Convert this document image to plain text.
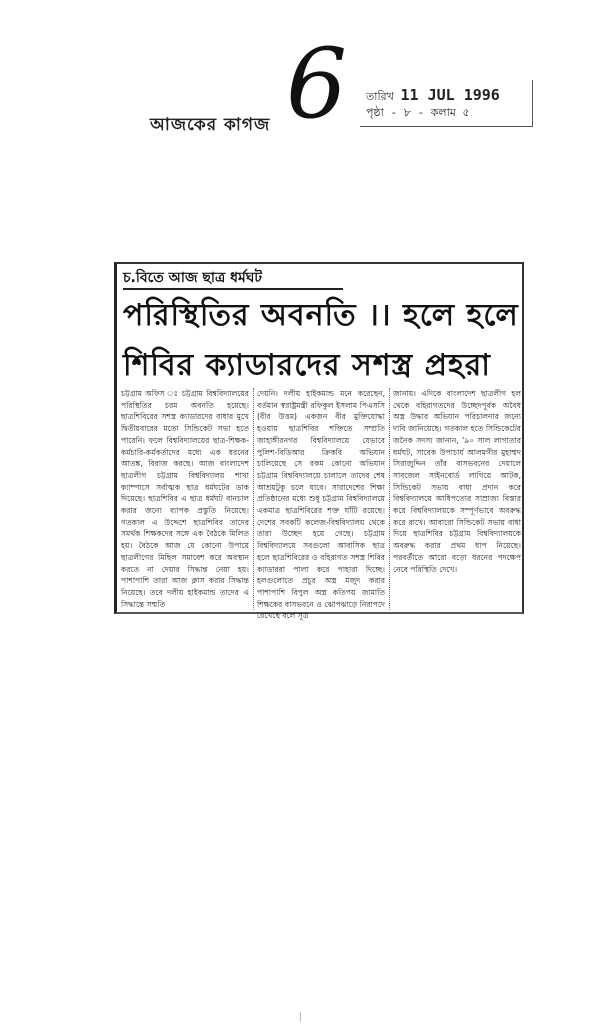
আজকের কাগজ 6 তারিখ 11 JUL 1996
পৃষ্ঠা - ৮ - কলাম ৫
চ.বিতে আজ ছাত্র ধর্মঘট
পরিস্থিতির অবনতি ।। হলে হলে
শিবির ক্যাডারদের সশস্ত্র প্রহরা
চট্টগ্রাম অফিস ঃ চট্টগ্রাম বিশ্ববিদ্যালয়ের পরিস্থিতির চরম অবনতি হয়েছে। ছাত্রশিবিরের সশস্ত্র ক্যাডারদের বাধার মুখে দ্বিতীয়বারের মতো সিন্ডিকেট সভা হতে পারেনি। ফলে বিশ্ববিদ্যালয়ের ছাত্র-শিক্ষক-কর্মচারি-কর্মকর্তাদের মধ্যে এক ধরনের আতঙ্ক, বিরাজ করছে। আজ বাংলাদেশ ছাত্রলীগ চট্টগ্রাম বিশ্ববিদ্যালয় শাখা ক্যাম্পাসে সর্বাত্মক ছাত্র ধর্মঘটের ডাক দিয়েছে। ছাত্রশিবির এ ছাত্র ধর্মঘট বানচাল করার জন্যে ব্যাপক প্রস্তুতি নিয়েছে। গতকাল এ উদ্দেশে ছাত্রশিবির তাদের সমর্থক শিক্ষকদের সঙ্গে এক বৈঠকে মিলিত হয়। বৈঠকে আজ যে কোনো উপায়ে ছাত্রলীগের মিছিল সমাবেশ করে অবস্থান করতে না দেয়ার সিদ্ধান্ত নেয়া হয়। পাশাপাশি তারা আজ ক্লাস করার সিদ্ধান্ত নিয়েছে। তবে দলীয় হাইকমান্ড তাদের এ সিদ্ধান্তে সম্মতি
দেয়নি। দলীয় হাইকমান্ড মনে করেছেন, বর্তমান স্বরাষ্ট্রমন্ত্রী রফিকুল ইসলাম পিএসসি (বীর উত্তম) একজন বীর মুক্তিযোদ্ধা হওয়ায় ছাত্রশিবির শক্তিতে সম্প্রতি জাহাঙ্গীরনগর বিশ্ববিদ্যালয়ে যেভাবে পুলিশ-বিডিআর ক্রিকবি অভিযান চালিয়েছে সে রকম কোনো অভিযান চট্টগ্রাম বিশ্ববিদ্যালয়ে চালালে তাদের শেষ আশ্রয়টুকু চলে যাবে। সারাদেশের শিক্ষা প্রতিষ্ঠানের মধ্যে শুধু চট্টগ্রাম বিশ্ববিদ্যালয়ে একমাত্র ছাত্রশিবিরের শক্ত ঘাঁটি রয়েছে। দেশের সবকটি কলেজ-বিশ্ববিদ্যালয় থেকে তারা উচ্ছেদ হয়ে গেছে। চট্টগ্রাম বিশ্ববিদ্যালয়ে সবগুলো আবাসিক ছাত্র হলে ছাত্রশিবিরের ও বহিরাগত সশস্ত্র শিবির ক্যাডাররা পালা করে পাহারা দিচ্ছে। হলগুলোতে প্রচুর অস্ত্র মজুদ করার পাশাপাশি বিপুল অস্ত্র কতিপয় জামাতি শিক্ষকের বাসভবনে ও ঝোপঝাড়ে নিরাপদে রেখেছে বলে সূত্র
জানায়। এদিকে বাংলাদেশ ছাত্রলীগ হল থেকে বহিরাগতদের উচ্ছেদপূর্বক অবৈধ অস্ত্র উদ্ধার অভিযান পরিচালনার জন্যে দাবি জানিয়েছে। গতকাল হতে সিন্ডিকেটের জনৈক সদস্য জানান, '৯০ সাল লাগাতার ধর্মঘট, সাবেক উপাচার্য আলমগীর মুহাম্মদ সিরাজুদ্দিন তাঁর বাসভবনের দেয়ালে সাবজেল সাইনবোর্ড লাগিয়ে আটক, সিন্ডিকেট সভায় বাধা প্রদান করে বিশ্ববিদ্যালয়ে আধিপত্যের সাম্রাজ্য বিস্তার করে বিশ্ববিদ্যালয়কে সম্পূর্ণভাবে অবরুদ্ধ করে রাখে। আবারো সিন্ডিকেট সভায় বাধা দিয়ে ছাত্রশিবির চট্টগ্রাম বিশ্ববিদ্যালয়কে অবরুদ্ধ করার প্রথম ধাপ নিয়েছে। পরবর্তীতে আরো বড়ো ধরনের পদক্ষেপ নেবে পরিস্থিতি দেখে।
